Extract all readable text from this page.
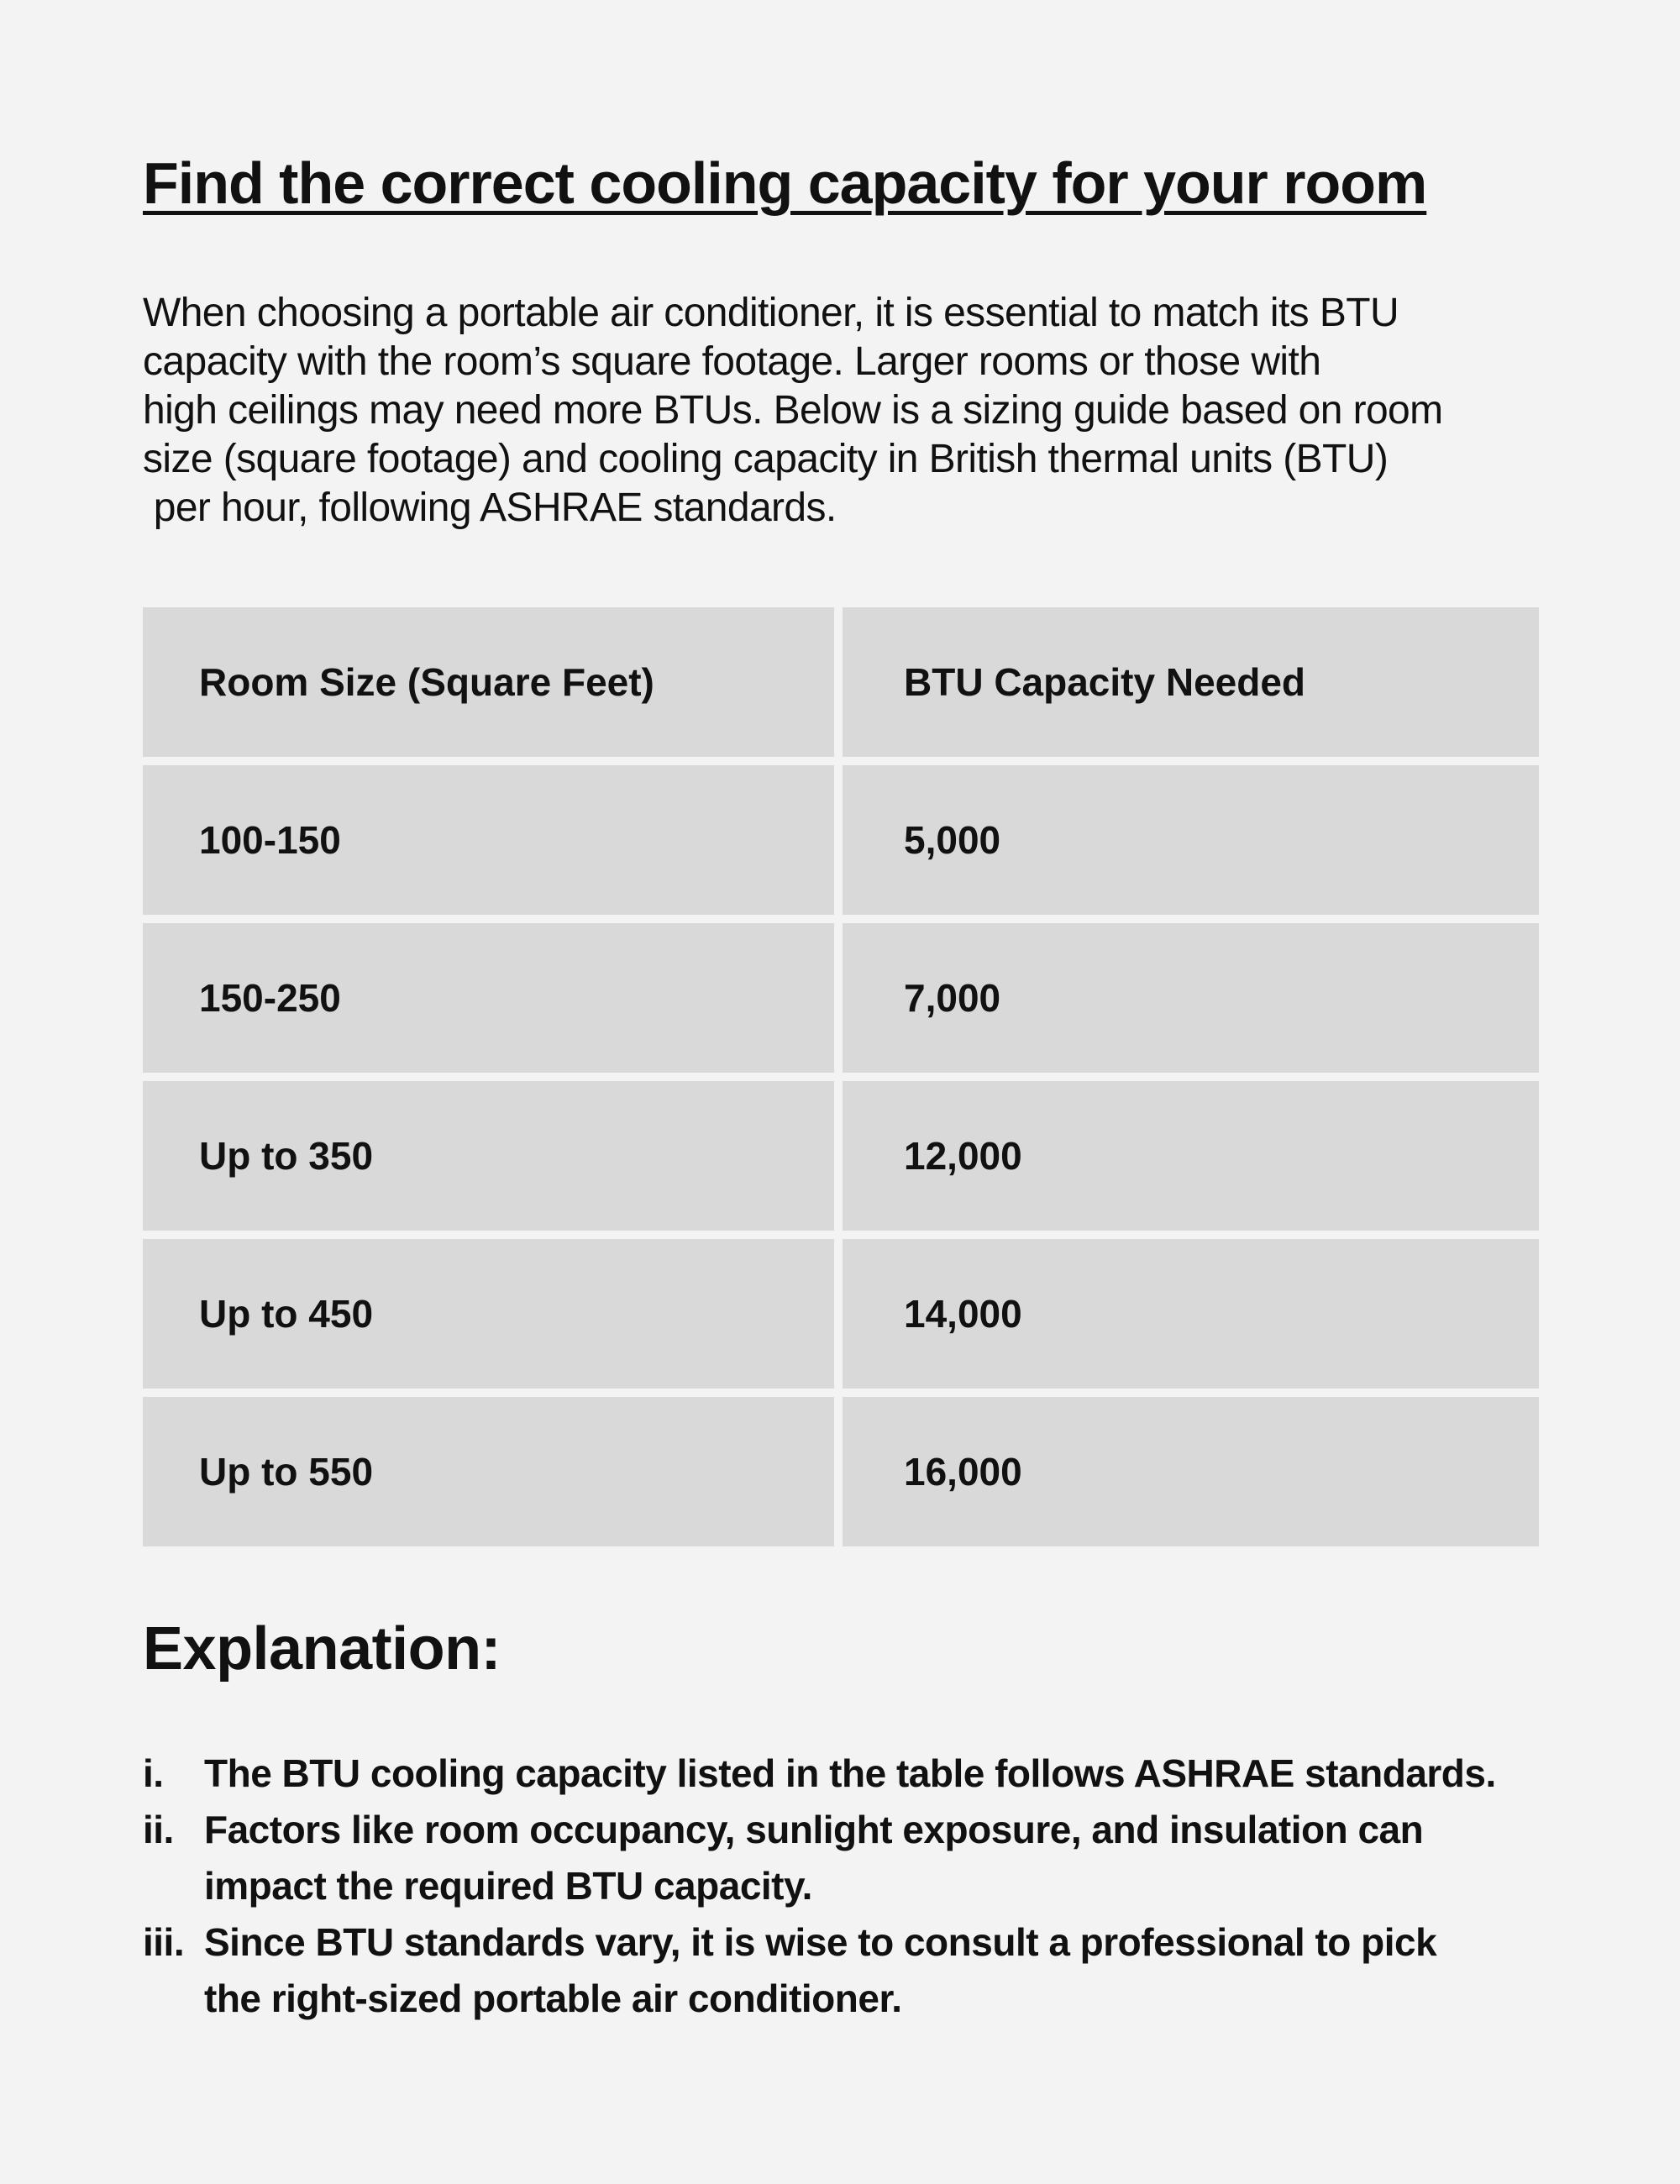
Find the correct cooling capacity for your room

When choosing a portable air conditioner, it is essential to match its BTU
capacity with the room’s square footage. Larger rooms or those with
high ceilings may need more BTUs. Below is a sizing guide based on room
size (square footage) and cooling capacity in British thermal units (BTU)
per hour, following ASHRAE standards.

Room Size (Square Feet)	BTU Capacity Needed
100-150	5,000
150-250	7,000
Up to 350	12,000
Up to 450	14,000
Up to 550	16,000
Explanation:
i.	The BTU cooling capacity listed in the table follows ASHRAE standards.
ii. Factors like room occupancy, sunlight exposure, and insulation can
impact the required BTU capacity.
iii. Since BTU standards vary, it is wise to consult a professional to pick
the right-sized portable air conditioner.
